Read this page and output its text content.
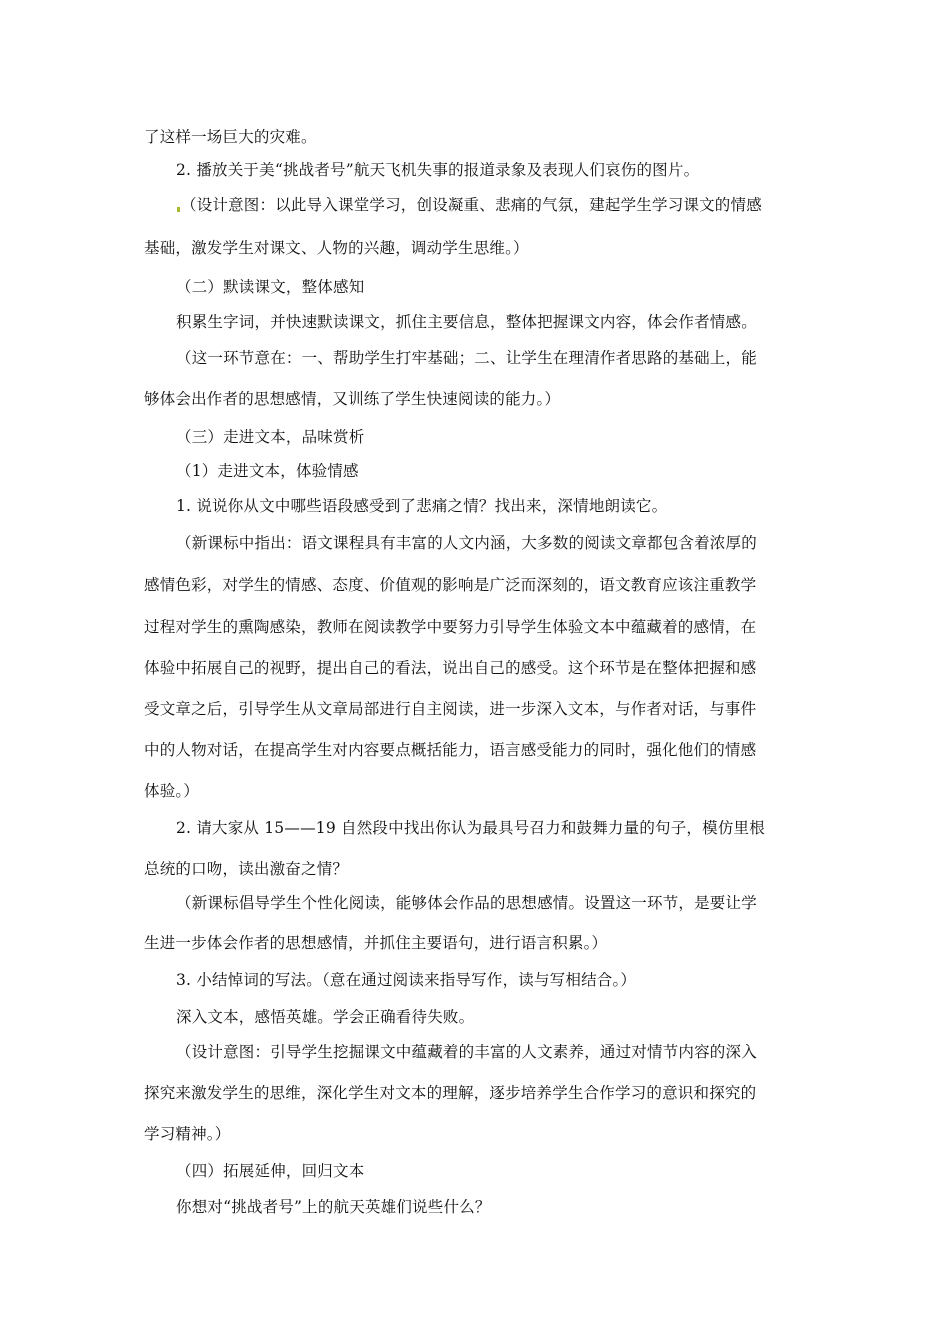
了这样一场巨大的灾难。
2. 播放关于美“挑战者号”航天飞机失事的报道录象及表现人们哀伤的图片。
（设计意图：以此导入课堂学习，创设凝重、悲痛的气氛，建起学生学习课文的情感
基础，激发学生对课文、人物的兴趣，调动学生思维。）
（二）默读课文，整体感知
积累生字词，并快速默读课文，抓住主要信息，整体把握课文内容，体会作者情感。
（这一环节意在：一、帮助学生打牢基础；二、让学生在理清作者思路的基础上，能
够体会出作者的思想感情，又训练了学生快速阅读的能力。）
（三）走进文本，品味赏析
（1）走进文本，体验情感
1. 说说你从文中哪些语段感受到了悲痛之情？找出来，深情地朗读它。
（新课标中指出：语文课程具有丰富的人文内涵，大多数的阅读文章都包含着浓厚的
感情色彩，对学生的情感、态度、价值观的影响是广泛而深刻的，语文教育应该注重教学
过程对学生的熏陶感染，教师在阅读教学中要努力引导学生体验文本中蕴藏着的感情，在
体验中拓展自己的视野，提出自己的看法，说出自己的感受。这个环节是在整体把握和感
受文章之后，引导学生从文章局部进行自主阅读，进一步深入文本，与作者对话，与事件
中的人物对话，在提高学生对内容要点概括能力，语言感受能力的同时，强化他们的情感
体验。）
2. 请大家从 15——19 自然段中找出你认为最具号召力和鼓舞力量的句子，模仿里根
总统的口吻，读出激奋之情？
（新课标倡导学生个性化阅读，能够体会作品的思想感情。设置这一环节，是要让学
生进一步体会作者的思想感情，并抓住主要语句，进行语言积累。）
3. 小结悼词的写法。（意在通过阅读来指导写作，读与写相结合。）
深入文本，感悟英雄。学会正确看待失败。
（设计意图：引导学生挖掘课文中蕴藏着的丰富的人文素养，通过对情节内容的深入
探究来激发学生的思维，深化学生对文本的理解，逐步培养学生合作学习的意识和探究的
学习精神。）
（四）拓展延伸，回归文本
你想对“挑战者号”上的航天英雄们说些什么？
